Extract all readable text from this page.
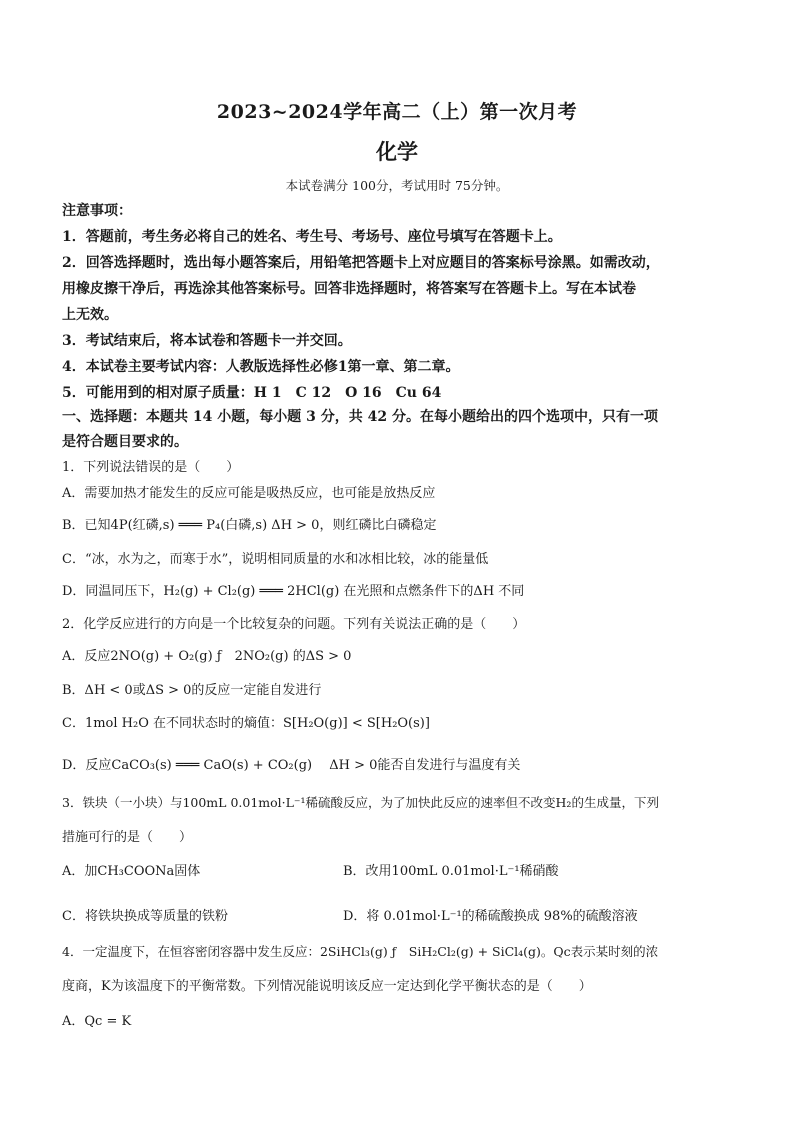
2023~2024学年高二（上）第一次月考
化学
本试卷满分 100分，考试用时 75分钟。
注意事项：
1．答题前，考生务必将自己的姓名、考生号、考场号、座位号填写在答题卡上。
2．回答选择题时，选出每小题答案后，用铅笔把答题卡上对应题目的答案标号涂黑。如需改动，
用橡皮擦干净后，再选涂其他答案标号。回答非选择题时，将答案写在答题卡上。写在本试卷
上无效。
3．考试结束后，将本试卷和答题卡一并交回。
4．本试卷主要考试内容：人教版选择性必修1第一章、第二章。
5．可能用到的相对原子质量：H 1　C 12　O 16　Cu 64
一、选择题：本题共 14 小题，每小题 3 分，共 42 分。在每小题给出的四个选项中，只有一项
是符合题目要求的。
1．下列说法错误的是（　　）
A．需要加热才能发生的反应可能是吸热反应，也可能是放热反应
B．已知4P(红磷,s) ═══ P₄(白磷,s) ΔH > 0，则红磷比白磷稳定
C．“冰，水为之，而寒于水”，说明相同质量的水和冰相比较，冰的能量低
D．同温同压下，H₂(g) + Cl₂(g) ═══ 2HCl(g) 在光照和点燃条件下的ΔH 不同
2．化学反应进行的方向是一个比较复杂的问题。下列有关说法正确的是（　　）
A．反应2NO(g) + O₂(g) ƒ　2NO₂(g) 的ΔS > 0
B．ΔH < 0或ΔS > 0的反应一定能自发进行
C．1mol H₂O 在不同状态时的熵值：S[H₂O(g)] < S[H₂O(s)]
D．反应CaCO₃(s) ═══ CaO(s) + CO₂(g)　 ΔH > 0能否自发进行与温度有关
3．铁块（一小块）与100mL 0.01mol·L⁻¹稀硫酸反应，为了加快此反应的速率但不改变H₂的生成量，下列
措施可行的是（　　）
A．加CH₃COONa固体	B．改用100mL 0.01mol·L⁻¹稀硝酸
C．将铁块换成等质量的铁粉	D．将 0.01mol·L⁻¹的稀硫酸换成 98%的硫酸溶液
4．一定温度下，在恒容密闭容器中发生反应：2SiHCl₃(g) ƒ　SiH₂Cl₂(g) + SiCl₄(g)。Qc表示某时刻的浓
度商，K为该温度下的平衡常数。下列情况能说明该反应一定达到化学平衡状态的是（　　）
A．Qc = K
